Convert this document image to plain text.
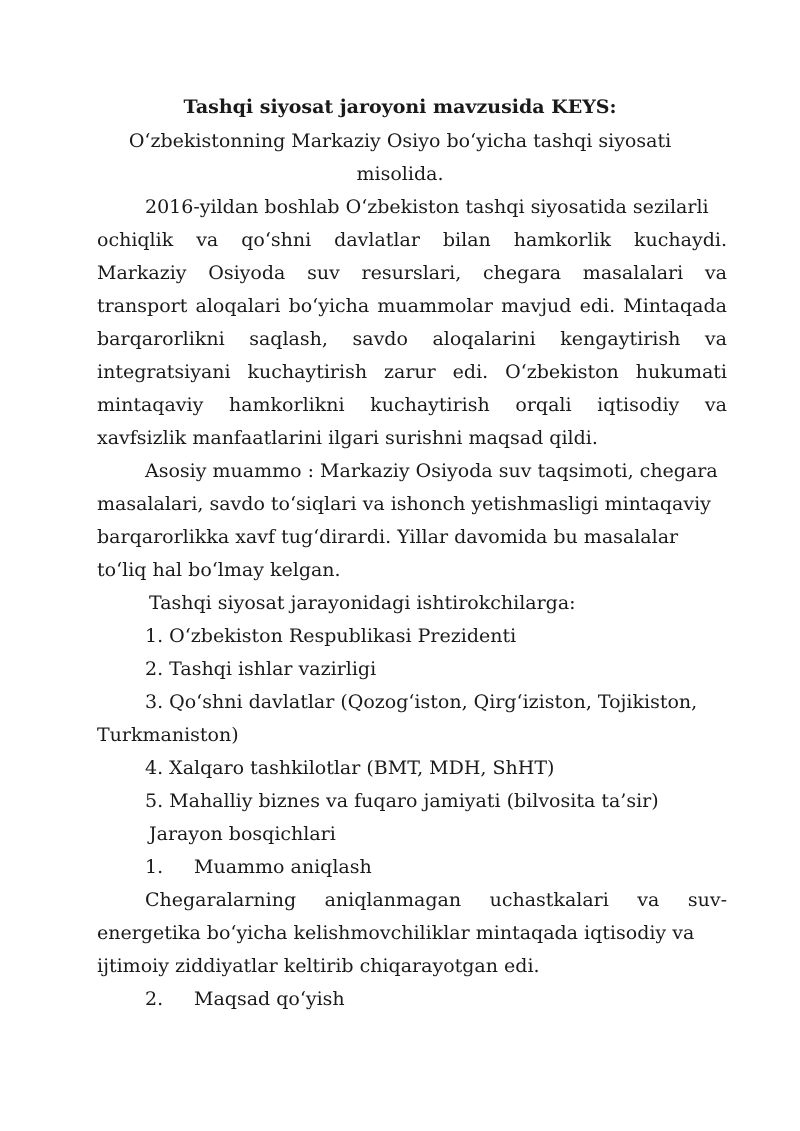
Tashqi siyosat jaroyoni mavzusida KEYS:
O‘zbekistonning Markaziy Osiyo bo‘yicha tashqi siyosati
misolida.
2016-yildan boshlab O‘zbekiston tashqi siyosatida sezilarli
ochiqlik va qo‘shni davlatlar bilan hamkorlik kuchaydi.
Markaziy Osiyoda suv resurslari, chegara masalalari va
transport aloqalari bo‘yicha muammolar mavjud edi. Mintaqada
barqarorlikni saqlash, savdo aloqalarini kengaytirish va
integratsiyani kuchaytirish zarur edi. O‘zbekiston hukumati
mintaqaviy hamkorlikni kuchaytirish orqali iqtisodiy va
xavfsizlik manfaatlarini ilgari surishni maqsad qildi.
Asosiy muammo : Markaziy Osiyoda suv taqsimoti, chegara
masalalari, savdo to‘siqlari va ishonch yetishmasligi mintaqaviy
barqarorlikka xavf tug‘dirardi. Yillar davomida bu masalalar
to‘liq hal bo‘lmay kelgan.
Tashqi siyosat jarayonidagi ishtirokchilarga:
1. O‘zbekiston Respublikasi Prezidenti
2. Tashqi ishlar vazirligi
3. Qo‘shni davlatlar (Qozog‘iston, Qirg‘iziston, Tojikiston,
Turkmaniston)
4. Xalqaro tashkilotlar (BMT, MDH, ShHT)
5. Mahalliy biznes va fuqaro jamiyati (bilvosita ta’sir)
Jarayon bosqichlari
1. Muammo aniqlash
Chegaralarning aniqlanmagan uchastkalari va suv-
energetika bo‘yicha kelishmovchiliklar mintaqada iqtisodiy va
ijtimoiy ziddiyatlar keltirib chiqarayotgan edi.
2. Maqsad qo‘yish
